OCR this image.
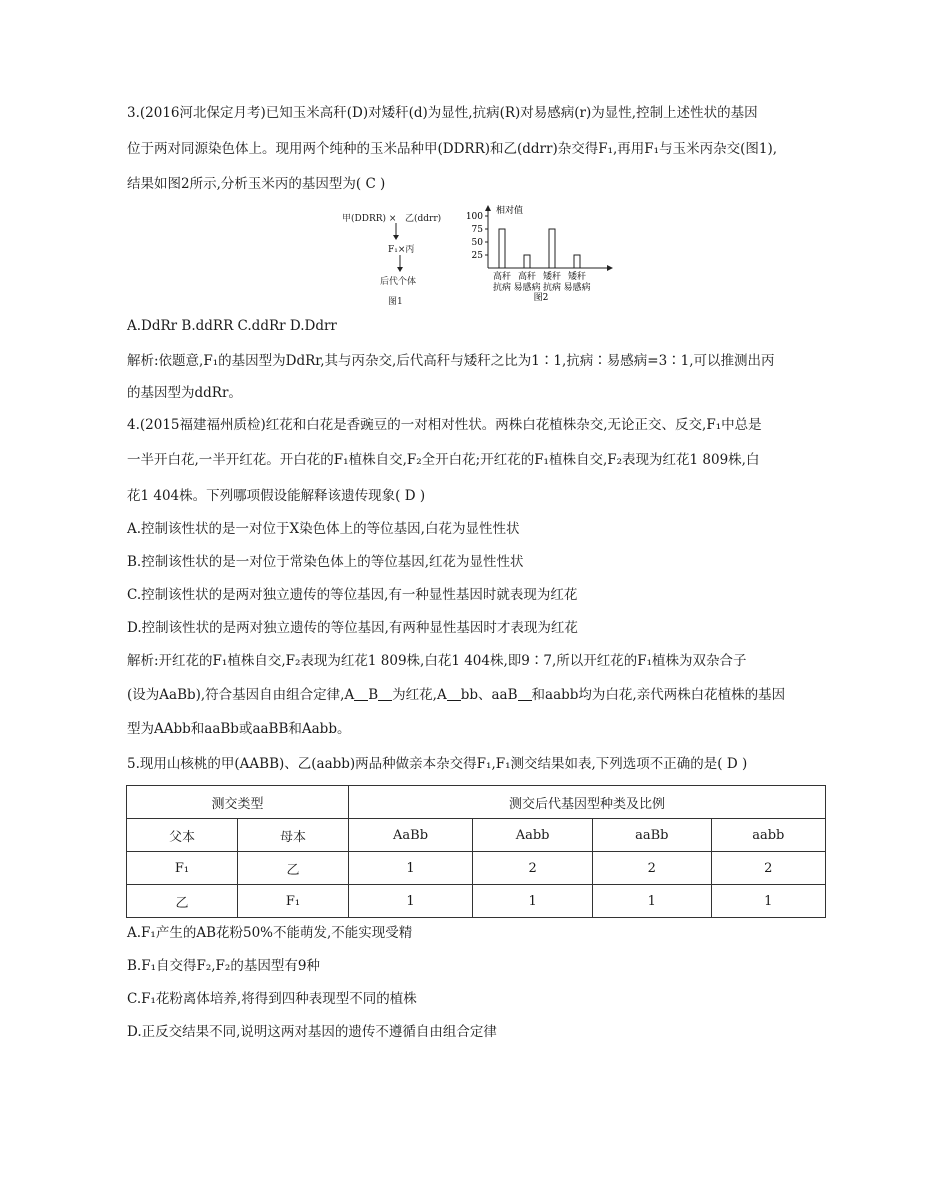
3.(2016河北保定月考)已知玉米高秆(D)对矮秆(d)为显性,抗病(R)对易感病(r)为显性,控制上述性状的基因
位于两对同源染色体上。现用两个纯种的玉米品种甲(DDRR)和乙(ddrr)杂交得F₁,再用F₁与玉米丙杂交(图1),
结果如图2所示,分析玉米丙的基因型为( C )
甲(DDRR) × 乙(ddrr)
F₁×丙
后代个体
图1
相对值
100
75
50
25
高秆
抗病
高秆
易感病
矮秆
抗病
矮秆
易感病
图2
A.DdRr B.ddRR C.ddRr D.Ddrr
解析:依题意,F₁的基因型为DdRr,其与丙杂交,后代高秆与矮秆之比为1∶1,抗病∶易感病=3∶1,可以推测出丙
的基因型为ddRr。
4.(2015福建福州质检)红花和白花是香豌豆的一对相对性状。两株白花植株杂交,无论正交、反交,F₁中总是
一半开白花,一半开红花。开白花的F₁植株自交,F₂全开白花;开红花的F₁植株自交,F₂表现为红花1 809株,白
花1 404株。下列哪项假设能解释该遗传现象( D )
A.控制该性状的是一对位于X染色体上的等位基因,白花为显性性状
B.控制该性状的是一对位于常染色体上的等位基因,红花为显性性状
C.控制该性状的是两对独立遗传的等位基因,有一种显性基因时就表现为红花
D.控制该性状的是两对独立遗传的等位基因,有两种显性基因时才表现为红花
解析:开红花的F₁植株自交,F₂表现为红花1 809株,白花1 404株,即9∶7,所以开红花的F₁植株为双杂合子
(设为AaBb),符合基因自由组合定律,A B 为红花,A bb、aaB 和aabb均为白花,亲代两株白花植株的基因
型为AAbb和aaBb或aaBB和Aabb。
5.现用山核桃的甲(AABB)、乙(aabb)两品种做亲本杂交得F₁,F₁测交结果如表,下列选项不正确的是( D )
测交类型		测交后代基因型种类及比例			
父本	母本	AaBb	Aabb	aaBb	aabb
F₁	乙	1	2	2	2
乙	F₁	1	1	1	1
A.F₁产生的AB花粉50%不能萌发,不能实现受精
B.F₁自交得F₂,F₂的基因型有9种
C.F₁花粉离体培养,将得到四种表现型不同的植株
D.正反交结果不同,说明这两对基因的遗传不遵循自由组合定律
